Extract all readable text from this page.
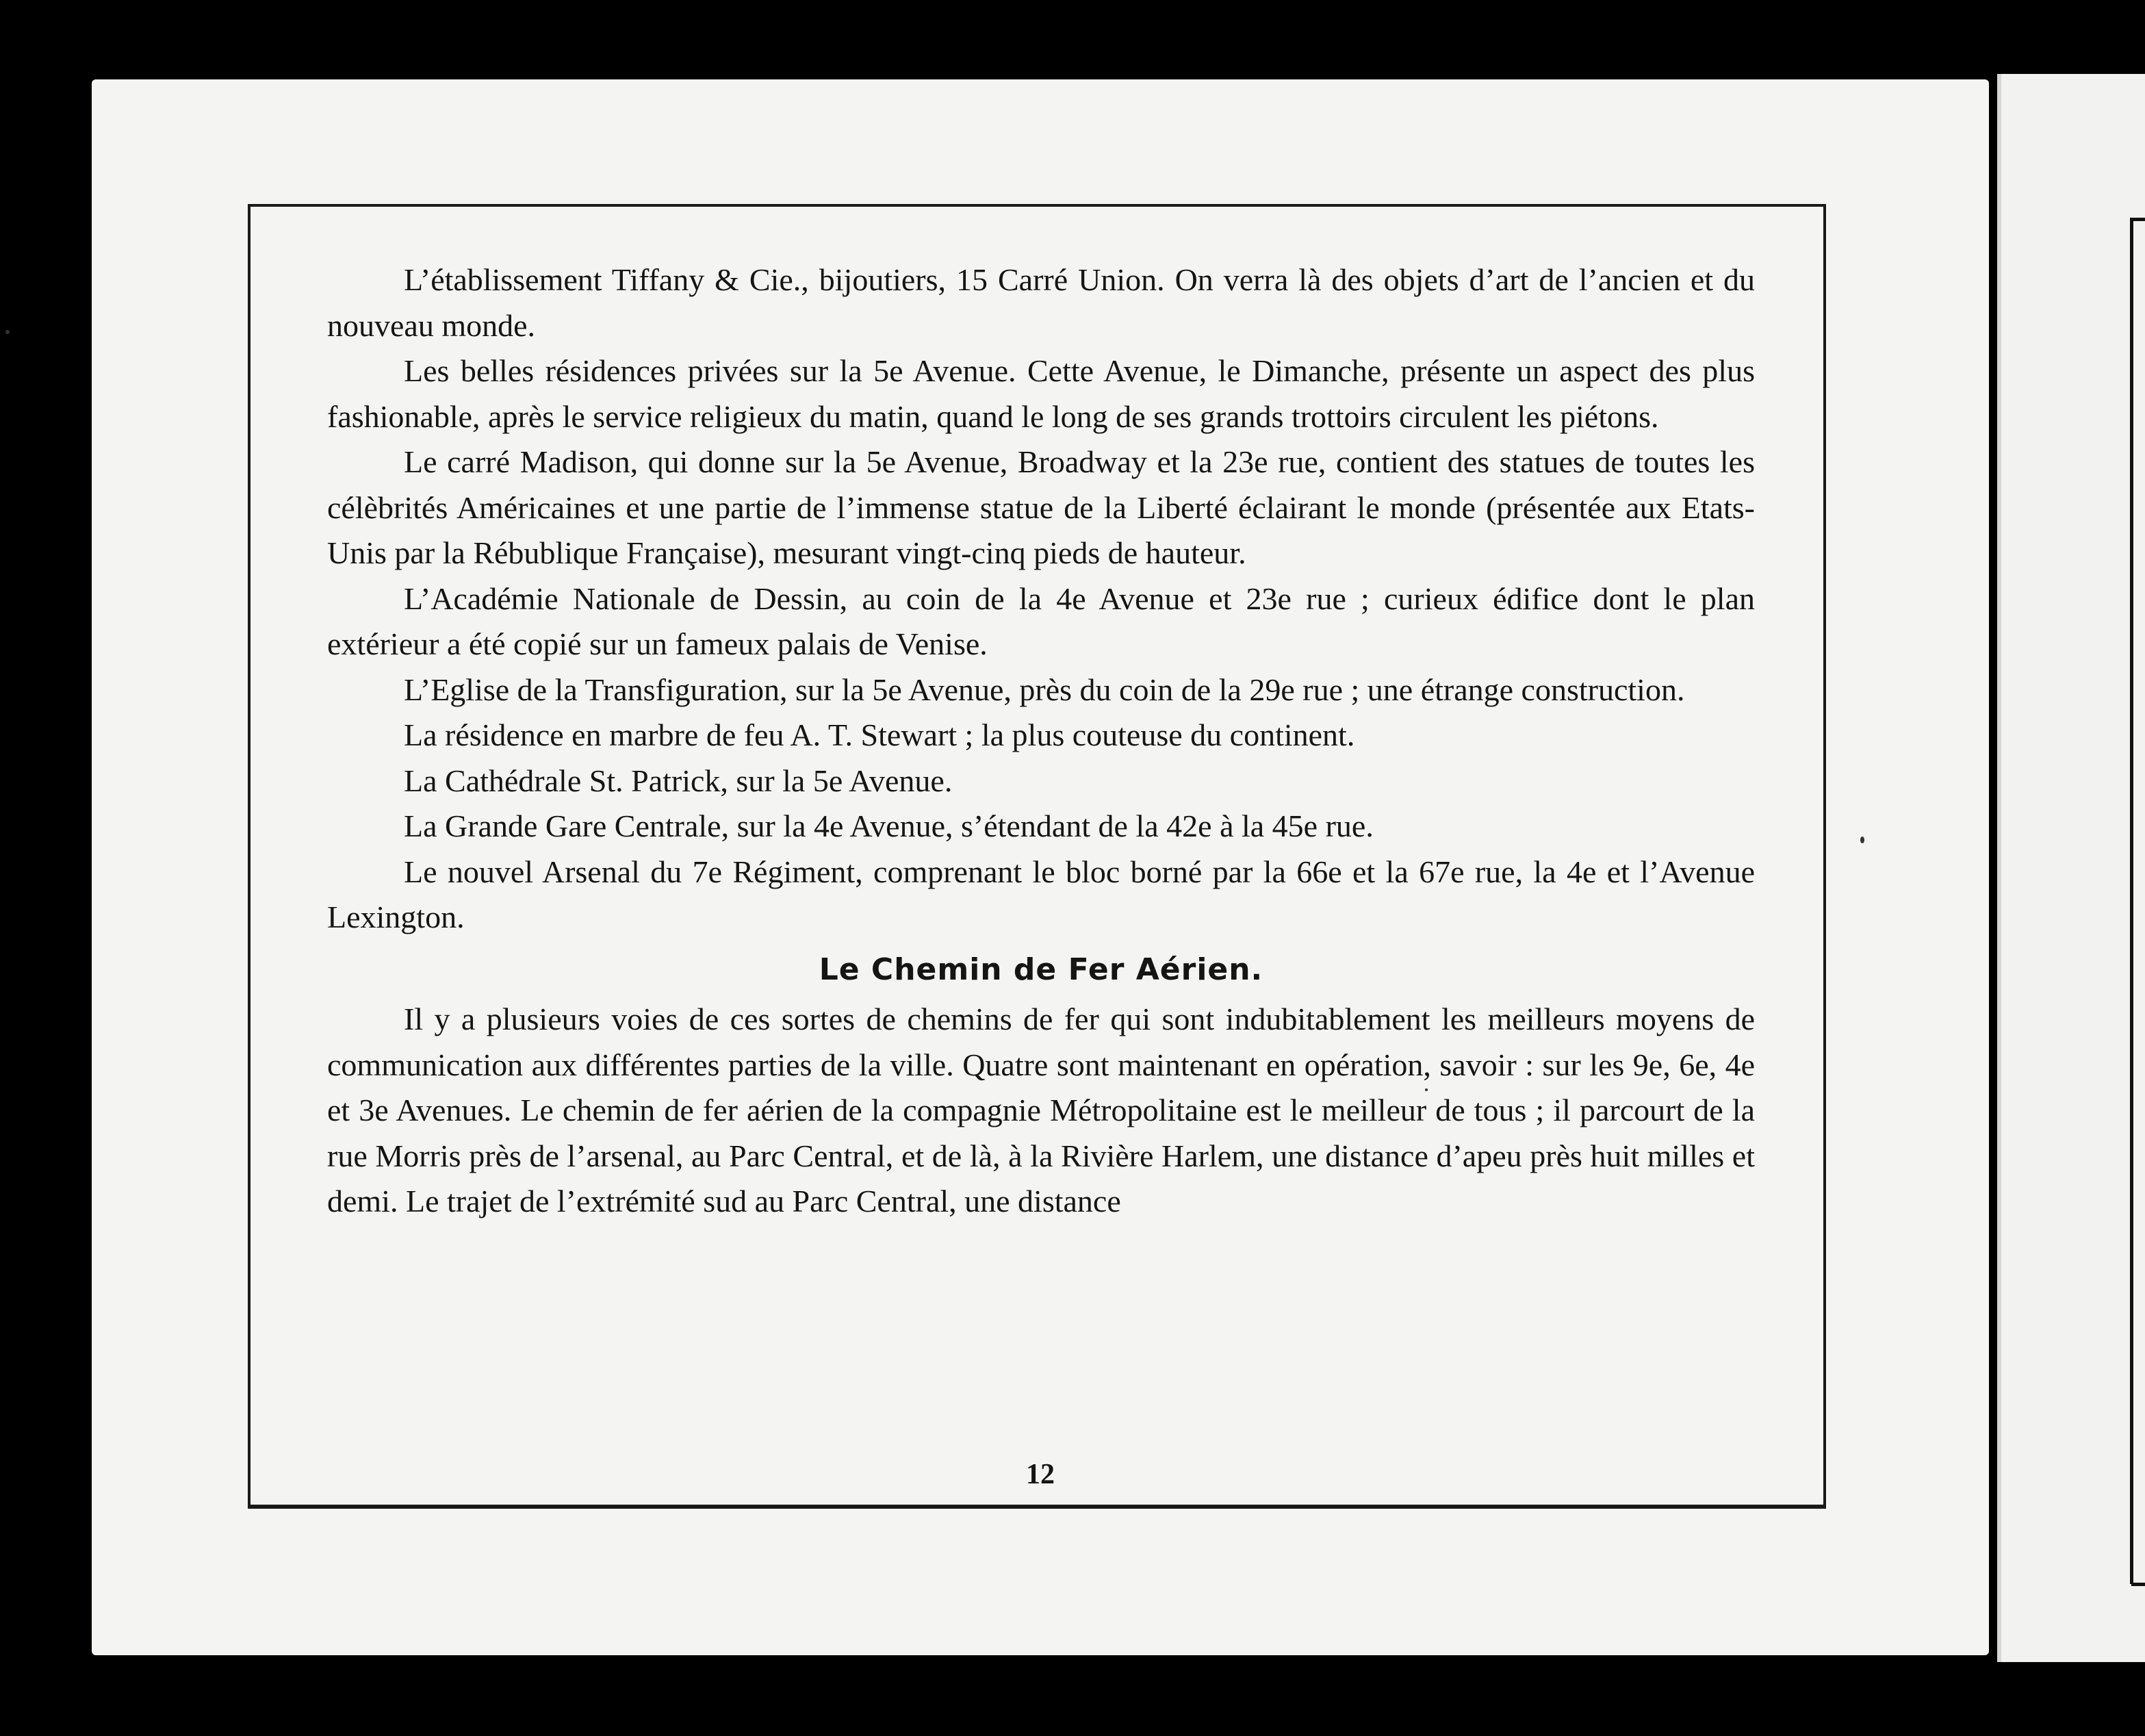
L’établissement Tiffany & Cie., bijoutiers, 15 Carré Union. On verra là des objets d’art de l’ancien et du nouveau monde.

Les belles résidences privées sur la 5e Avenue. Cette Avenue, le Dimanche, présente un aspect des plus fashionable, après le service religieux du matin, quand le long de ses grands trottoirs circulent les piétons.

Le carré Madison, qui donne sur la 5e Avenue, Broadway et la 23e rue, contient des statues de toutes les célèbrités Américaines et une partie de l’immense statue de la Liberté éclairant le monde (présentée aux Etats-Unis par la Rébublique Française), mesurant vingt-cinq pieds de hauteur.

L’Académie Nationale de Dessin, au coin de la 4e Avenue et 23e rue ; curieux édifice dont le plan extérieur a été copié sur un fameux palais de Venise.

L’Eglise de la Transfiguration, sur la 5e Avenue, près du coin de la 29e rue ; une étrange construction.

La résidence en marbre de feu A. T. Stewart ; la plus couteuse du continent.

La Cathédrale St. Patrick, sur la 5e Avenue.

La Grande Gare Centrale, sur la 4e Avenue, s’étendant de la 42e à la 45e rue.

Le nouvel Arsenal du 7e Régiment, comprenant le bloc borné par la 66e et la 67e rue, la 4e et l’Avenue Lexington.

Le Chemin de Fer Aérien.

Il y a plusieurs voies de ces sortes de chemins de fer qui sont indubitablement les meilleurs moyens de communication aux différentes parties de la ville. Quatre sont maintenant en opération, savoir : sur les 9e, 6e, 4e et 3e Avenues. Le chemin de fer aérien de la compagnie Métropolitaine est le meilleur de tous ; il parcourt de la rue Morris près de l’arsenal, au Parc Central, et de là, à la Rivière Harlem, une distance d’apeu près huit milles et demi. Le trajet de l’extrémité sud au Parc Central, une distance

12
